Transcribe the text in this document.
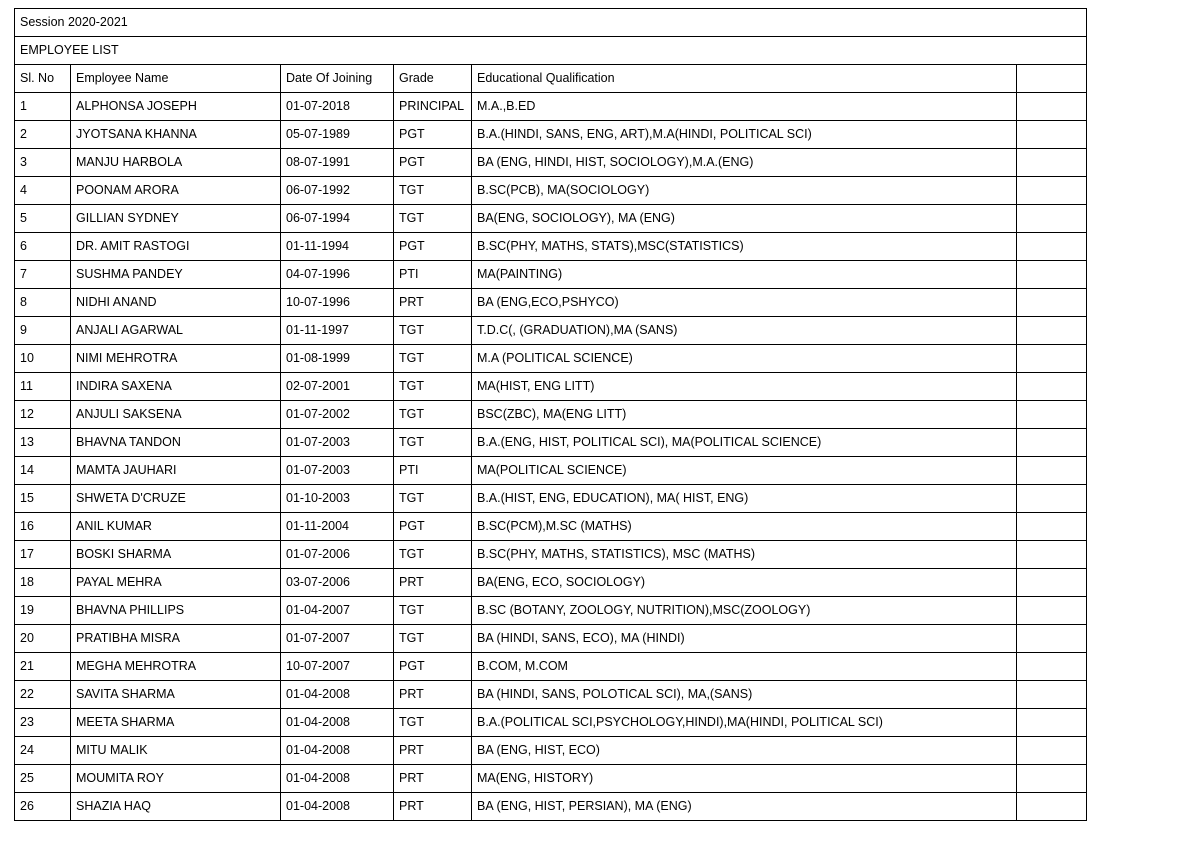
Session 2020-2021					
EMPLOYEE LIST					
Sl. No	Employee Name	Date Of Joining	Grade	Educational Qualification	
1	ALPHONSA JOSEPH	01-07-2018	PRINCIPAL	M.A.,B.ED	
2	JYOTSANA KHANNA	05-07-1989	PGT	B.A.(HINDI, SANS, ENG, ART),M.A(HINDI, POLITICAL SCI)	
3	MANJU HARBOLA	08-07-1991	PGT	BA (ENG, HINDI, HIST, SOCIOLOGY),M.A.(ENG)	
4	POONAM ARORA	06-07-1992	TGT	B.SC(PCB), MA(SOCIOLOGY)	
5	GILLIAN SYDNEY	06-07-1994	TGT	BA(ENG, SOCIOLOGY), MA (ENG)	
6	DR. AMIT RASTOGI	01-11-1994	PGT	B.SC(PHY, MATHS, STATS),MSC(STATISTICS)	
7	SUSHMA PANDEY	04-07-1996	PTI	MA(PAINTING)	
8	NIDHI ANAND	10-07-1996	PRT	BA (ENG,ECO,PSHYCO)	
9	ANJALI AGARWAL	01-11-1997	TGT	T.D.C(, (GRADUATION),MA (SANS)	
10	NIMI MEHROTRA	01-08-1999	TGT	M.A (POLITICAL SCIENCE)	
11	INDIRA SAXENA	02-07-2001	TGT	MA(HIST, ENG LITT)	
12	ANJULI SAKSENA	01-07-2002	TGT	BSC(ZBC), MA(ENG LITT)	
13	BHAVNA TANDON	01-07-2003	TGT	B.A.(ENG, HIST, POLITICAL SCI), MA(POLITICAL SCIENCE)	
14	MAMTA JAUHARI	01-07-2003	PTI	MA(POLITICAL SCIENCE)	
15	SHWETA D'CRUZE	01-10-2003	TGT	B.A.(HIST, ENG, EDUCATION), MA( HIST, ENG)	
16	ANIL KUMAR	01-11-2004	PGT	B.SC(PCM),M.SC (MATHS)	
17	BOSKI SHARMA	01-07-2006	TGT	B.SC(PHY, MATHS, STATISTICS), MSC (MATHS)	
18	PAYAL MEHRA	03-07-2006	PRT	BA(ENG, ECO, SOCIOLOGY)	
19	BHAVNA PHILLIPS	01-04-2007	TGT	B.SC (BOTANY, ZOOLOGY, NUTRITION),MSC(ZOOLOGY)	
20	PRATIBHA MISRA	01-07-2007	TGT	BA (HINDI, SANS, ECO), MA (HINDI)	
21	MEGHA MEHROTRA	10-07-2007	PGT	B.COM, M.COM	
22	SAVITA SHARMA	01-04-2008	PRT	BA (HINDI, SANS, POLOTICAL SCI), MA,(SANS)	
23	MEETA SHARMA	01-04-2008	TGT	B.A.(POLITICAL SCI,PSYCHOLOGY,HINDI),MA(HINDI, POLITICAL SCI)	
24	MITU MALIK	01-04-2008	PRT	BA (ENG, HIST, ECO)	
25	MOUMITA ROY	01-04-2008	PRT	MA(ENG, HISTORY)	
26	SHAZIA HAQ	01-04-2008	PRT	BA (ENG, HIST, PERSIAN), MA (ENG)	
